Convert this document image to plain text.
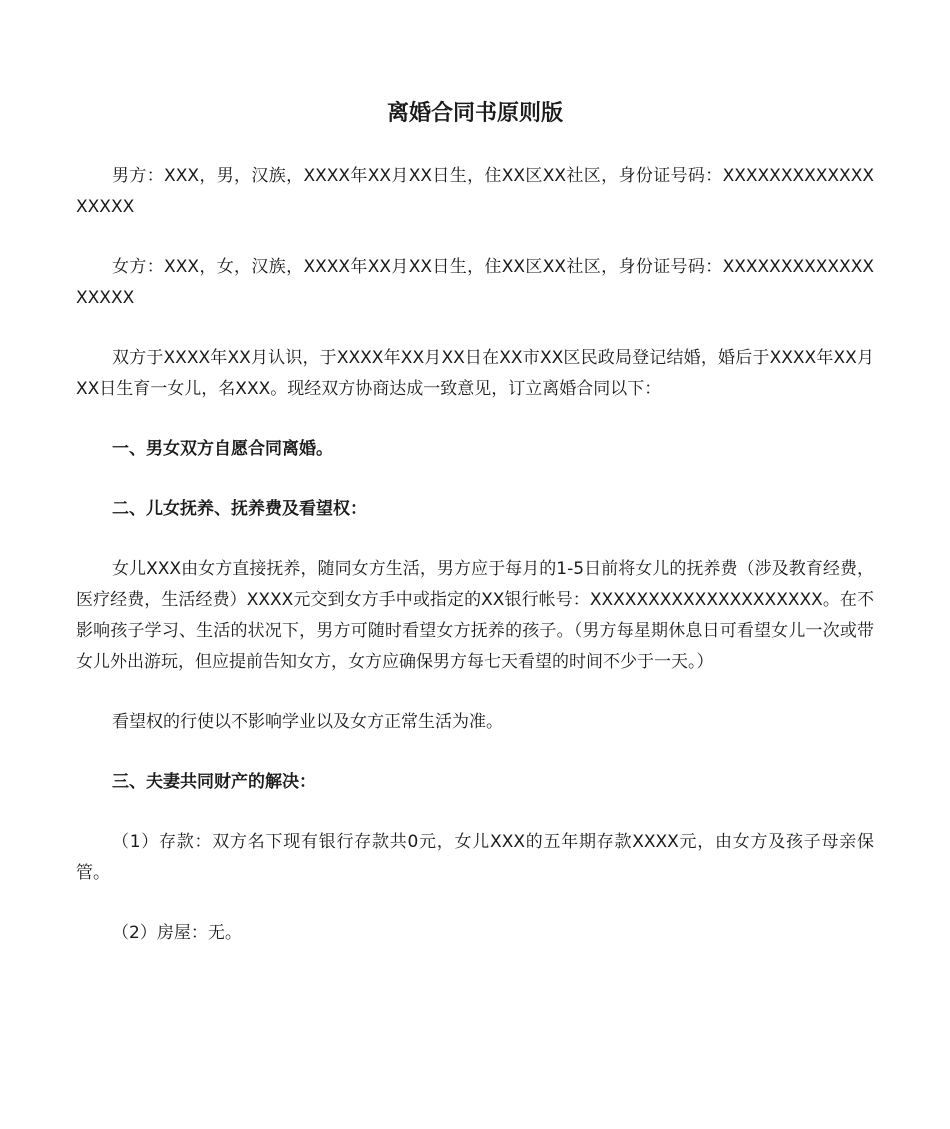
离婚合同书原则版

男方：XXX，男，汉族，XXXX年XX月XX日生，住XX区XX社区，身份证号码：XXXXXXXXXXXXXXXXXX

女方：XXX，女，汉族，XXXX年XX月XX日生，住XX区XX社区，身份证号码：XXXXXXXXXXXXXXXXXX

双方于XXXX年XX月认识，于XXXX年XX月XX日在XX市XX区民政局登记结婚，婚后于XXXX年XX月XX日生育一女儿，名XXX。现经双方协商达成一致意见，订立离婚合同以下：

一、男女双方自愿合同离婚。

二、儿女抚养、抚养费及看望权：

女儿XXX由女方直接抚养，随同女方生活，男方应于每月的1-5日前将女儿的抚养费（涉及教育经费，医疗经费，生活经费）XXXX元交到女方手中或指定的XX银行帐号：XXXXXXXXXXXXXXXXXXXX。在不影响孩子学习、生活的状况下，男方可随时看望女方抚养的孩子。（男方每星期休息日可看望女儿一次或带女儿外出游玩，但应提前告知女方，女方应确保男方每七天看望的时间不少于一天。）

看望权的行使以不影响学业以及女方正常生活为准。

三、夫妻共同财产的解决：

（1）存款：双方名下现有银行存款共0元，女儿XXX的五年期存款XXXX元，由女方及孩子母亲保管。

（2）房屋：无。
